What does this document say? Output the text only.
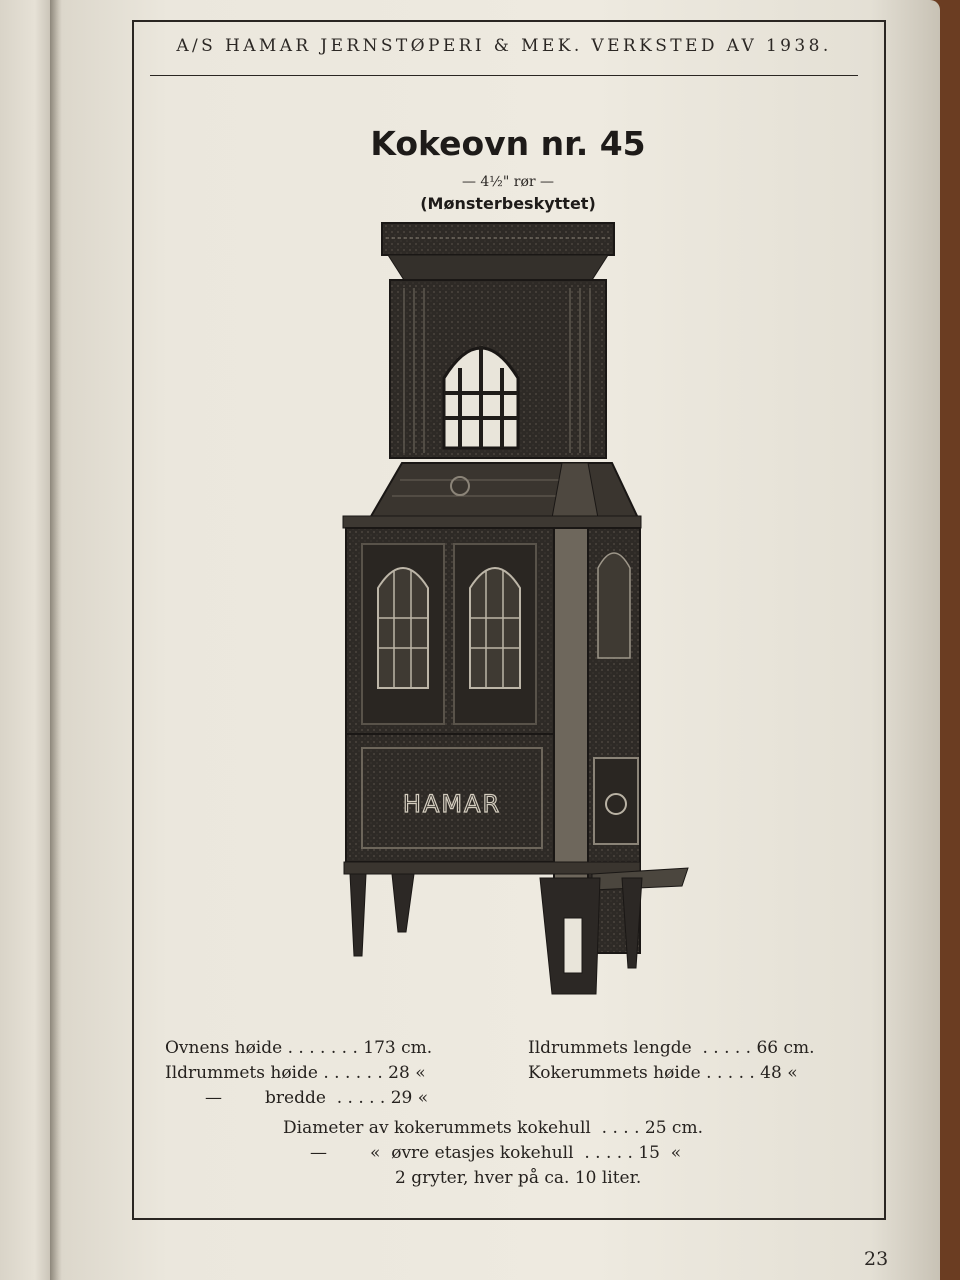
A/S HAMAR JERNSTØPERI & MEK. VERKSTED AV 1938.
Kokeovn nr. 45
— 4½" rør —
(Mønsterbeskyttet)
HAMAR
Ovnens høide . . . . . . . 173 cm.	Ildrummets lengde  . . . . . 66 cm.
Ildrummets høide . . . . . . 28 «	Kokerummets høide . . . . . 48 «
—	bredde  . . . . . 29 «
Diameter av kokerummets kokehull  . . . . 25 cm.
—	«  øvre etasjes kokehull  . . . . . 15  «
2 gryter, hver på ca. 10 liter.
23
